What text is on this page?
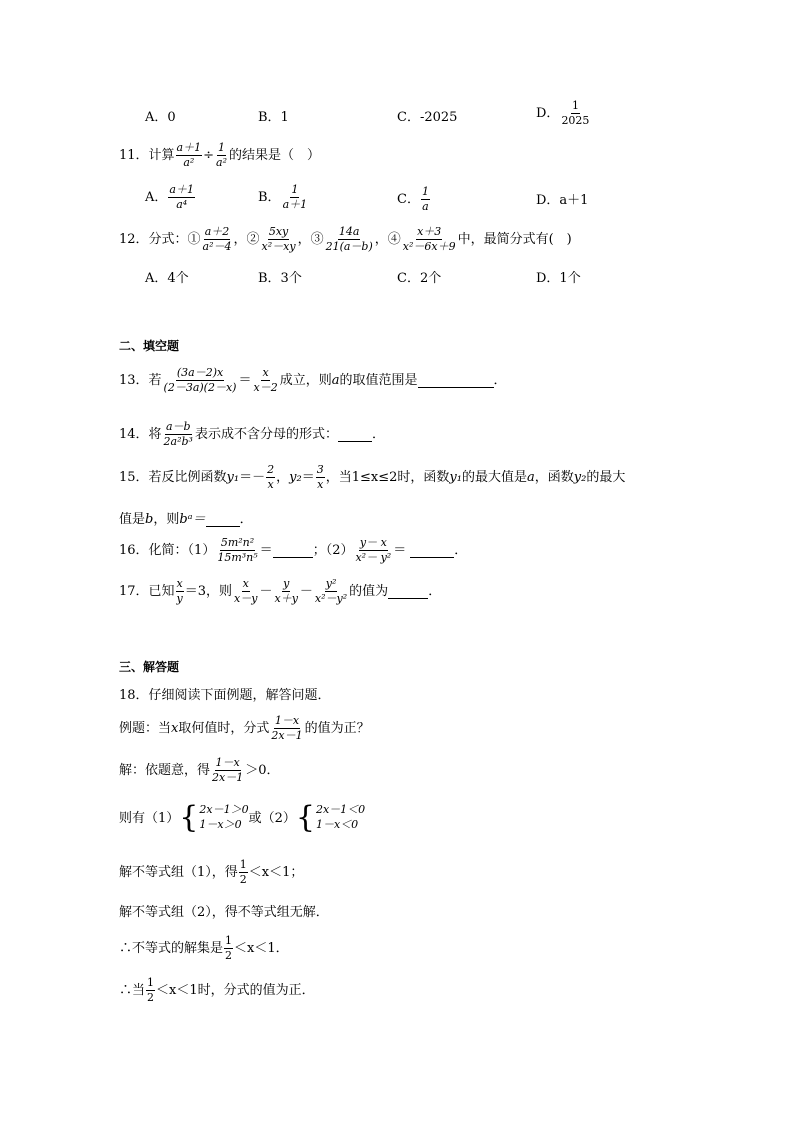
A．0	B．1	C．-2025	D． $\frac{1}{2025}$
11．计算 $\frac{a+1}{\text{a²}} \div \frac{1}{\text{a²}}$ 的结果是（　）
A． $\frac{a+1}{\text{a⁴}}$	B． $\frac{1}{a+1}$	C． $\frac{1}{a}$	D．a＋1
12．分式：① $\frac{a+2}{\text{a²－4}}$ ，② $\frac{5xy}{\text{x²－xy}}$ ，③ $\frac{14a}{21(a-b)}$ ，④ $\frac{x+3}{\text{x²－6x＋9}}$ 中，最简分式有(　)
A．4个	B．3个	C．2个	D．1个
二、填空题
13．若 $\frac{(3a-2)x}{(2-3a)(2-x)} = \frac{x}{x-2}$ 成立，则 a 的取值范围是	．
14．将 $\frac{a-b}{\text{2a²b³}}$ 表示成不含分母的形式：	．
15．若反比例函数 $y_1 =- \frac{2}{x}$ ， $y_2 = \frac{3}{x}$ ，当1≤x≤2时，函数 y₁ 的最大值是 a ，函数 y₂ 的最大
值是 b ，则 bᵃ＝	．
16．化简：$(1) \frac{\text{5m²n²}}{\text{15m³n⁵}}$ ＝	；$(2) \frac{y- x}{\text{x²－ y²}}$ ＝	．
17．已知 $\frac{x}{y} =3$，则 $\frac{x}{x-y} - \frac{y}{x+y} - \frac{\text{y²}}{\text{x²－y²}}$ 的值为	．
三、解答题
18．仔细阅读下面例题，解答问题．
例题：当 x 取何值时，分式 $\frac{1-x}{2x-1}$ 的值为正？
解：依题意，得 $\frac{1-x}{2x-1} >0$．
则有（1） { 2x－1＞0
1－x＞0 或（2） { 2x－1＜0
1－x＜0
解不等式组（1），得 $\frac{1}{2} <x<1$；
解不等式组（2），得不等式组无解．
∴不等式的解集是 $\frac{1}{2} <x<1$．
∴当 $\frac{1}{2} <x<1$时，分式的值为正．
